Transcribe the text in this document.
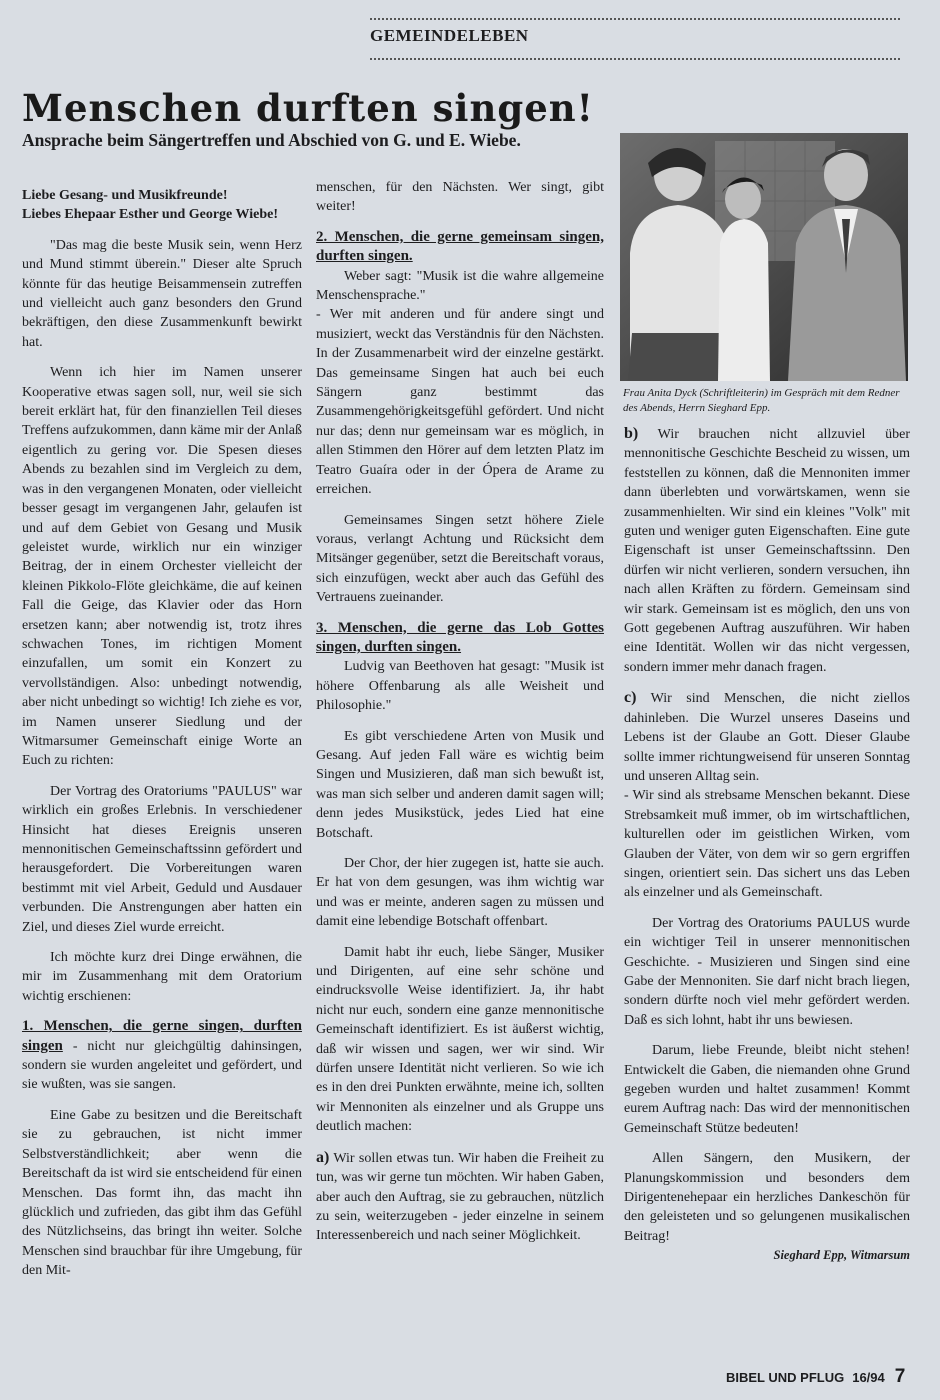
GEMEINDELEBEN
Menschen durften singen!
Ansprache beim Sängertreffen und Abschied von G. und E. Wiebe.
Liebe Gesang- und Musikfreunde!
Liebes Ehepaar Esther und George Wiebe!

"Das mag die beste Musik sein, wenn Herz und Mund stimmt überein." Dieser alte Spruch könnte für das heutige Beisammensein zutreffen und vielleicht auch ganz besonders den Grund bekräftigen, den diese Zusammenkunft bewirkt hat.

Wenn ich hier im Namen unserer Kooperative etwas sagen soll, nur, weil sie sich bereit erklärt hat, für den finanziellen Teil dieses Treffens aufzukommen, dann käme mir der Anlaß eigentlich zu gering vor. Die Spesen dieses Abends zu bezahlen sind im Vergleich zu dem, was in den vergangenen Monaten, oder vielleicht besser gesagt im vergangenen Jahr, gelaufen ist und auf dem Gebiet von Gesang und Musik geleistet wurde, wirklich nur ein winziger Beitrag, der in einem Orchester vielleicht der kleinen Pikkolo-Flöte gleichkäme, die auf keinen Fall die Geige, das Klavier oder das Horn ersetzen kann; aber notwendig ist, trotz ihres schwachen Tones, im richtigen Moment einzufallen, um somit ein Konzert zu vervollständigen. Also: unbedingt notwendig, aber nicht unbedingt so wichtig! Ich ziehe es vor, im Namen unserer Siedlung und der Witmarsumer Gemeinschaft einige Worte an Euch zu richten:

Der Vortrag des Oratoriums "PAULUS" war wirklich ein großes Erlebnis. In verschiedener Hinsicht hat dieses Ereignis unseren mennonitischen Gemeinschaftssinn gefördert und herausgefordert. Die Vorbereitungen waren bestimmt mit viel Arbeit, Geduld und Ausdauer verbunden. Die Anstrengungen aber hatten ein Ziel, und dieses Ziel wurde erreicht.

Ich möchte kurz drei Dinge erwähnen, die mir im Zusammenhang mit dem Oratorium wichtig erschienen:

1. Menschen, die gerne singen, durften singen - nicht nur gleichgültig dahinsingen, sondern sie wurden angeleitet und gefördert, und sie wußten, was sie sangen.

Eine Gabe zu besitzen und die Bereitschaft sie zu gebrauchen, ist nicht immer Selbstverständlichkeit; aber wenn die Bereitschaft da ist wird sie entscheidend für einen Menschen. Das formt ihn, das macht ihn glücklich und zufrieden, das gibt ihm das Gefühl des Nützlichseins, das bringt ihn weiter. Solche Menschen sind brauchbar für ihre Umgebung, für den Mit-

menschen, für den Nächsten. Wer singt, gibt weiter!

2. Menschen, die gerne gemeinsam singen, durften singen.

Weber sagt: "Musik ist die wahre allgemeine Menschensprache."

- Wer mit anderen und für andere singt und musiziert, weckt das Verständnis für den Nächsten. In der Zusammenarbeit wird der einzelne gestärkt. Das gemeinsame Singen hat auch bei euch Sängern ganz bestimmt das Zusammengehörigkeitsgefühl gefördert. Und nicht nur das; denn nur gemeinsam war es möglich, in allen Stimmen den Hörer auf dem letzten Platz im Teatro Guaíra oder in der Ópera de Arame zu erreichen.

Gemeinsames Singen setzt höhere Ziele voraus, verlangt Achtung und Rücksicht dem Mitsänger gegenüber, setzt die Bereitschaft voraus, sich einzufügen, weckt aber auch das Gefühl des Vertrauens zueinander.

3. Menschen, die gerne das Lob Gottes singen, durften singen.

Ludvig van Beethoven hat gesagt: "Musik ist höhere Offenbarung als alle Weisheit und Philosophie."

Es gibt verschiedene Arten von Musik und Gesang. Auf jeden Fall wäre es wichtig beim Singen und Musizieren, daß man sich bewußt ist, was man sich selber und anderen damit sagen will; denn jedes Musikstück, jedes Lied hat eine Botschaft.

Der Chor, der hier zugegen ist, hatte sie auch. Er hat von dem gesungen, was ihm wichtig war und was er meinte, anderen sagen zu müssen und damit eine lebendige Botschaft offenbart.

Damit habt ihr euch, liebe Sänger, Musiker und Dirigenten, auf eine sehr schöne und eindrucksvolle Weise identifiziert. Ja, ihr habt nicht nur euch, sondern eine ganze mennonitische Gemeinschaft identifiziert. Es ist äußerst wichtig, daß wir wissen und sagen, wer wir sind. Wir dürfen unsere Identität nicht verlieren. So wie ich es in den drei Punkten erwähnte, meine ich, sollten wir Mennoniten als einzelner und als Gruppe uns deutlich machen:

a) Wir sollen etwas tun. Wir haben die Freiheit zu tun, was wir gerne tun möchten. Wir haben Gaben, aber auch den Auftrag, sie zu gebrauchen, nützlich zu sein, weiterzugeben - jeder einzelne in seinem Interessenbereich und nach seiner Möglichkeit.

Frau Anita Dyck (Schriftleiterin) im Gespräch mit dem Redner des Abends, Herrn Sieghard Epp.

b) Wir brauchen nicht allzuviel über mennonitische Geschichte Bescheid zu wissen, um feststellen zu können, daß die Mennoniten immer dann überlebten und vorwärtskamen, wenn sie zusammenhielten. Wir sind ein kleines "Volk" mit guten und weniger guten Eigenschaften. Eine gute Eigenschaft ist unser Gemeinschaftssinn. Den dürfen wir nicht verlieren, sondern versuchen, ihn nach allen Kräften zu fördern. Gemeinsam sind wir stark. Gemeinsam ist es möglich, den uns von Gott gegebenen Auftrag auszuführen. Wir haben eine Identität. Wollen wir das nicht vergessen, sondern immer mehr danach fragen.

c) Wir sind Menschen, die nicht ziellos dahinleben. Die Wurzel unseres Daseins und Lebens ist der Glaube an Gott. Dieser Glaube sollte immer richtungweisend für unseren Sonntag und unseren Alltag sein.

- Wir sind als strebsame Menschen bekannt. Diese Strebsamkeit muß immer, ob im wirtschaftlichen, kulturellen oder im geistlichen Wirken, vom Glauben der Väter, von dem wir so gern ergriffen singen, orientiert sein. Das sichert uns das Leben als einzelner und als Gemeinschaft.

Der Vortrag des Oratoriums PAULUS wurde ein wichtiger Teil in unserer mennonitischen Geschichte. - Musizieren und Singen sind eine Gabe der Mennoniten. Sie darf nicht brach liegen, sondern dürfte noch viel mehr gefördert werden. Daß es sich lohnt, habt ihr uns bewiesen.

Darum, liebe Freunde, bleibt nicht stehen! Entwickelt die Gaben, die niemanden ohne Grund gegeben wurden und haltet zusammen! Kommt eurem Auftrag nach: Das wird der mennonitischen Gemeinschaft Stütze bedeuten!

Allen Sängern, den Musikern, der Planungskommission und besonders dem Dirigentenehepaar ein herzliches Dankeschön für den geleisteten und so gelungenen musikalischen Beitrag!

Sieghard Epp, Witmarsum
BIBEL UND PFLUG 16/94 7
